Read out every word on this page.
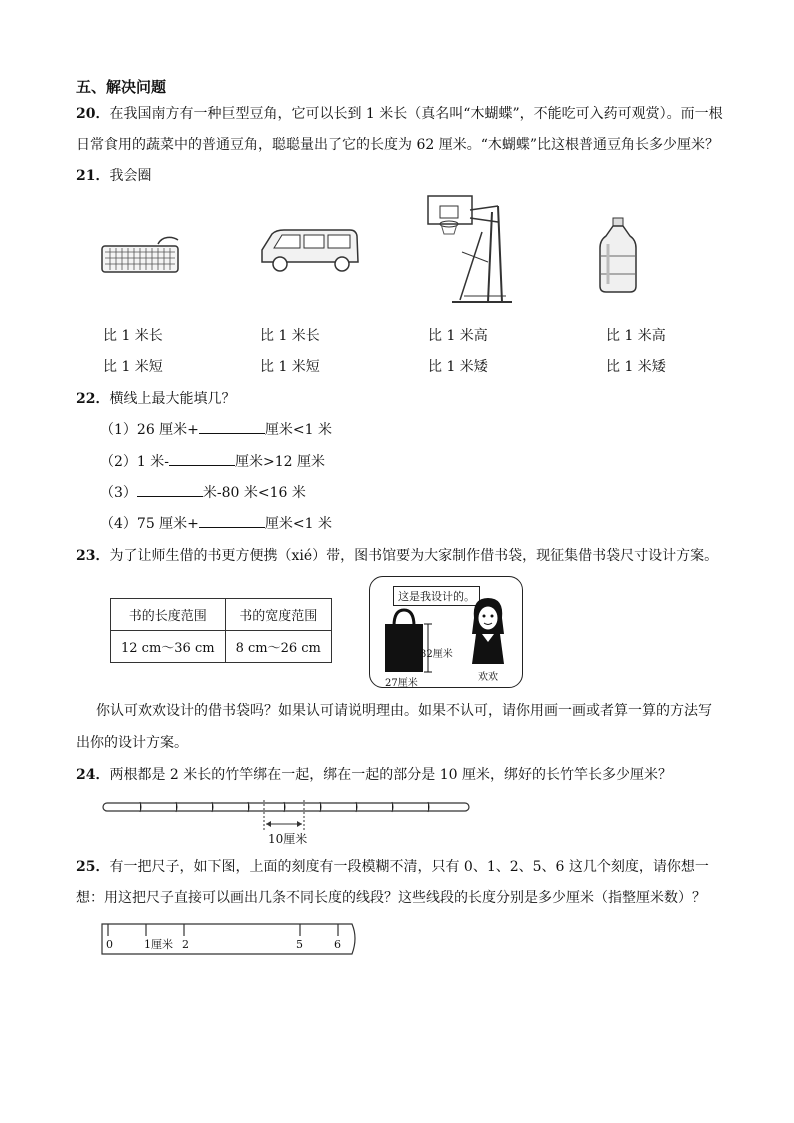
五、解决问题
20．在我国南方有一种巨型豆角，它可以长到 1 米长（真名叫“木蝴蝶”，不能吃可入药可观赏）。而一根
日常食用的蔬菜中的普通豆角，聪聪量出了它的长度为 62 厘米。“木蝴蝶”比这根普通豆角长多少厘米？
21．我会圈
比 1 米长
比 1 米短
比 1 米长
比 1 米短
比 1 米高
比 1 米矮
比 1 米高
比 1 米矮
22．横线上最大能填几？
（1）26 厘米+	厘米<1 米
（2）1 米-	厘米>12 厘米
（3）	米-80 米<16 米
（4）75 厘米+	厘米<1 米
23．为了让师生借的书更方便携（xié）带，图书馆要为大家制作借书袋，现征集借书袋尺寸设计方案。
书的长度范围	书的宽度范围
12 cm～36 cm	8 cm～26 cm
这是我设计的。
32厘米
27厘米
欢欢
你认可欢欢设计的借书袋吗？如果认可请说明理由。如果不认可，请你用画一画或者算一算的方法写
出你的设计方案。
24．两根都是 2 米长的竹竿绑在一起，绑在一起的部分是 10 厘米，绑好的长竹竿长多少厘米？
10厘米
25．有一把尺子，如下图，上面的刻度有一段模糊不清，只有 0、1、2、5、6 这几个刻度，请你想一
想：用这把尺子直接可以画出几条不同长度的线段？这些线段的长度分别是多少厘米（指整厘米数）？
0	1厘米 2	5	6
